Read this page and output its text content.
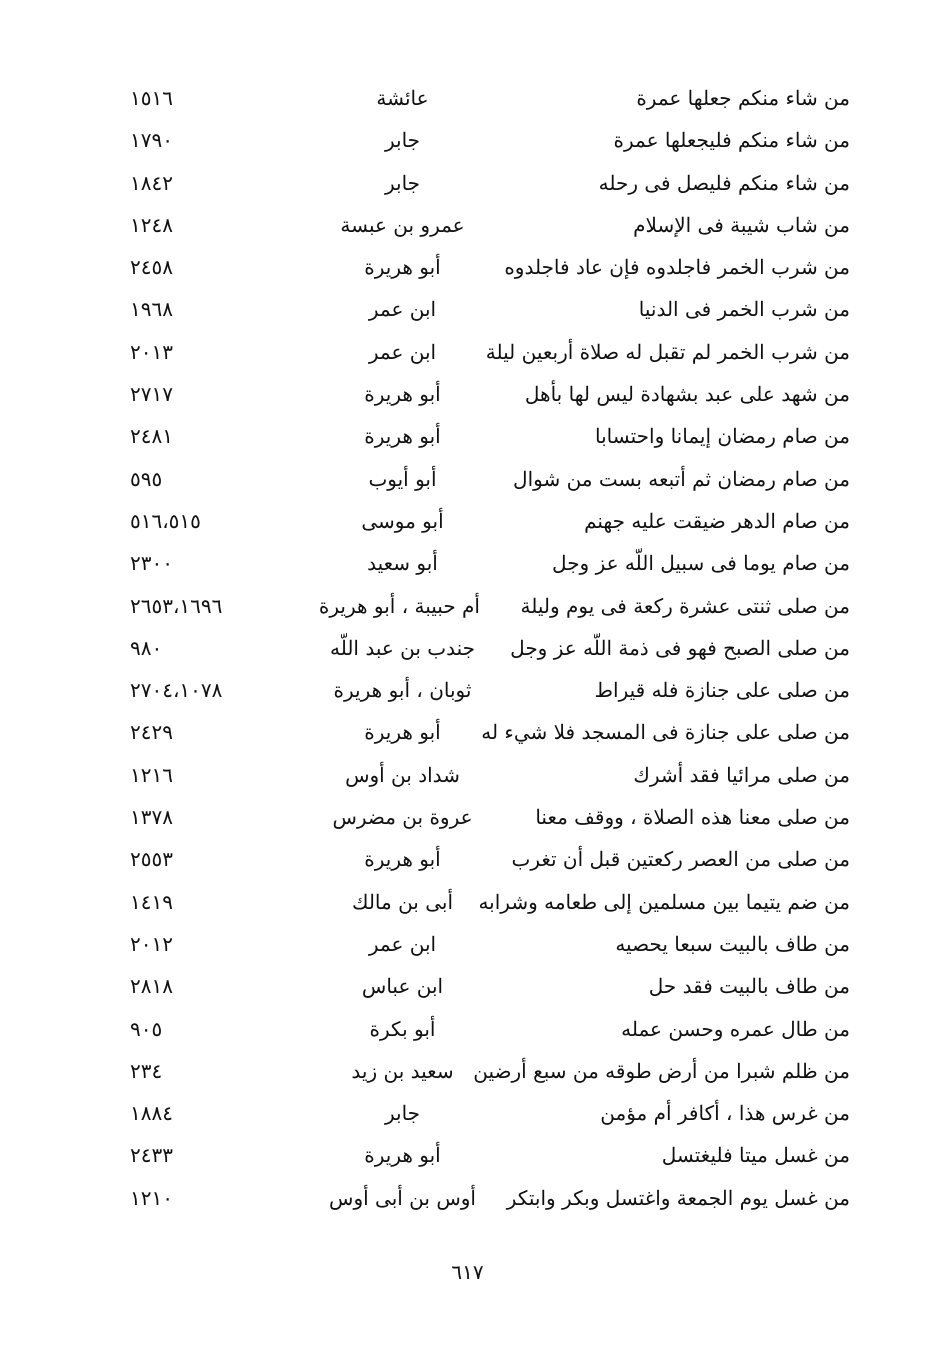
من شاء منكم جعلها عمرة
عائشة
١٥١٦
من شاء منكم فليجعلها عمرة
جابر
١٧٩٠
من شاء منكم فليصل فى رحله
جابر
١٨٤٢
من شاب شيبة فى الإسلام
عمرو بن عبسة
١٢٤٨
من شرب الخمر فاجلدوه فإن عاد فاجلدوه
أبو هريرة
٢٤٥٨
من شرب الخمر فى الدنيا
ابن عمر
١٩٦٨
من شرب الخمر لم تقبل له صلاة أربعين ليلة
ابن عمر
٢٠١٣
من شهد على عبد بشهادة ليس لها بأهل
أبو هريرة
٢٧١٧
من صام رمضان إيمانا واحتسابا
أبو هريرة
٢٤٨١
من صام رمضان ثم أتبعه بست من شوال
أبو أيوب
٥٩٥
من صام الدهر ضيقت عليه جهنم
أبو موسى
٥١٦،٥١٥
من صام يوما فى سبيل اللّه عز وجل
أبو سعيد
٢٣٠٠
من صلى ثنتى عشرة ركعة فى يوم وليلة
أم حبيبة ، أبو هريرة
٢٦٥٣،١٦٩٦
من صلى الصبح فهو فى ذمة اللّه عز وجل
جندب بن عبد اللّه
٩٨٠
من صلى على جنازة فله قيراط
ثوبان ، أبو هريرة
٢٧٠٤،١٠٧٨
من صلى على جنازة فى المسجد فلا شيء له
أبو هريرة
٢٤٢٩
من صلى مرائيا فقد أشرك
شداد بن أوس
١٢١٦
من صلى معنا هذه الصلاة ، ووقف معنا
عروة بن مضرس
١٣٧٨
من صلى من العصر ركعتين قبل أن تغرب
أبو هريرة
٢٥٥٣
من ضم يتيما بين مسلمين إلى طعامه وشرابه
أبى بن مالك
١٤١٩
من طاف بالبيت سبعا يحصيه
ابن عمر
٢٠١٢
من طاف بالبيت فقد حل
ابن عباس
٢٨١٨
من طال عمره وحسن عمله
أبو بكرة
٩٠٥
من ظلم شبرا من أرض طوقه من سبع أرضين
سعيد بن زيد
٢٣٤
من غرس هذا ، أكافر أم مؤمن
جابر
١٨٨٤
من غسل ميتا فليغتسل
أبو هريرة
٢٤٣٣
من غسل يوم الجمعة واغتسل وبكر وابتكر
أوس بن أبى أوس
١٢١٠
٦١٧
